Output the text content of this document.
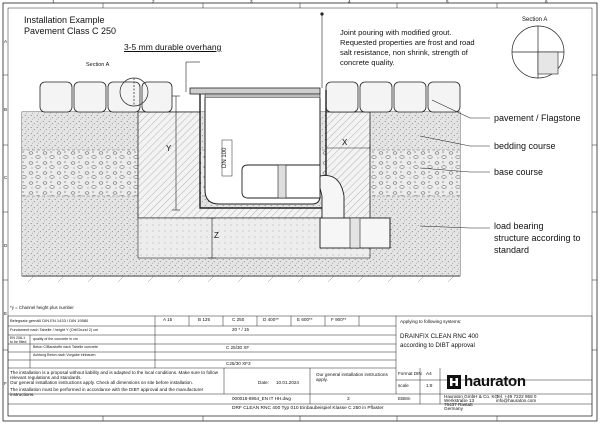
1	2	3	4	5	6
A
B
C
D
E
F
Installation Example
Pavement Class C 250
3-5 mm durable overhang
Section A
Section A
Joint pouring with modified grout.
Requested properties are frost and road
salt resistance, non shrink, strength of
concrete quality.
pavement / Flagstone
bedding course
base course
load bearing
structure according to
standard
X
Y
Z
DN 100
*y = Channel height plus number
Belegsatz gemäß DIN EN 1433 / DIN 19580	A 15	B 125	C 250	D 400**	E 600**	F 900**
Fundament nach Tabelle / height Y (Ort/Grund 2) cm	20 * / 15
EN 206-1
to be filled
quality of the concrete in cm
Beton C/Baustoffe nach Tabelle concrete	C 25/30 XF
Achtung Beton nach Vorgabe einbauen
C25/30 XF3
Applying to following systems:
DRAINFIX CLEAN RNC 400
according to DIBT approval
The installation is a proposal without liability and is adapted to the local conditions. Make sure to follow relevant regulations and standards.
Our general installation instructions apply. Check all dimensions on site before installation.
The installation must be performed in accordance with the DIBT approval and the manufacturer instructions.
Date: 10.01.2024
Our general installation instructions apply.
Format DIN A4
scale	1:8
EB8m
000018-8954_EN IT HH.dwg	3
DRF CLEAN RNC 400 Typ 010 Einbaubeispiel Klasse C 250 in Pflaster
hauraton
Hauraton GmbH & Co. KG
Werkstraße 13
76437 Rastatt
Germany
Tel. +49 7222 958 0
info@hauraton.com
